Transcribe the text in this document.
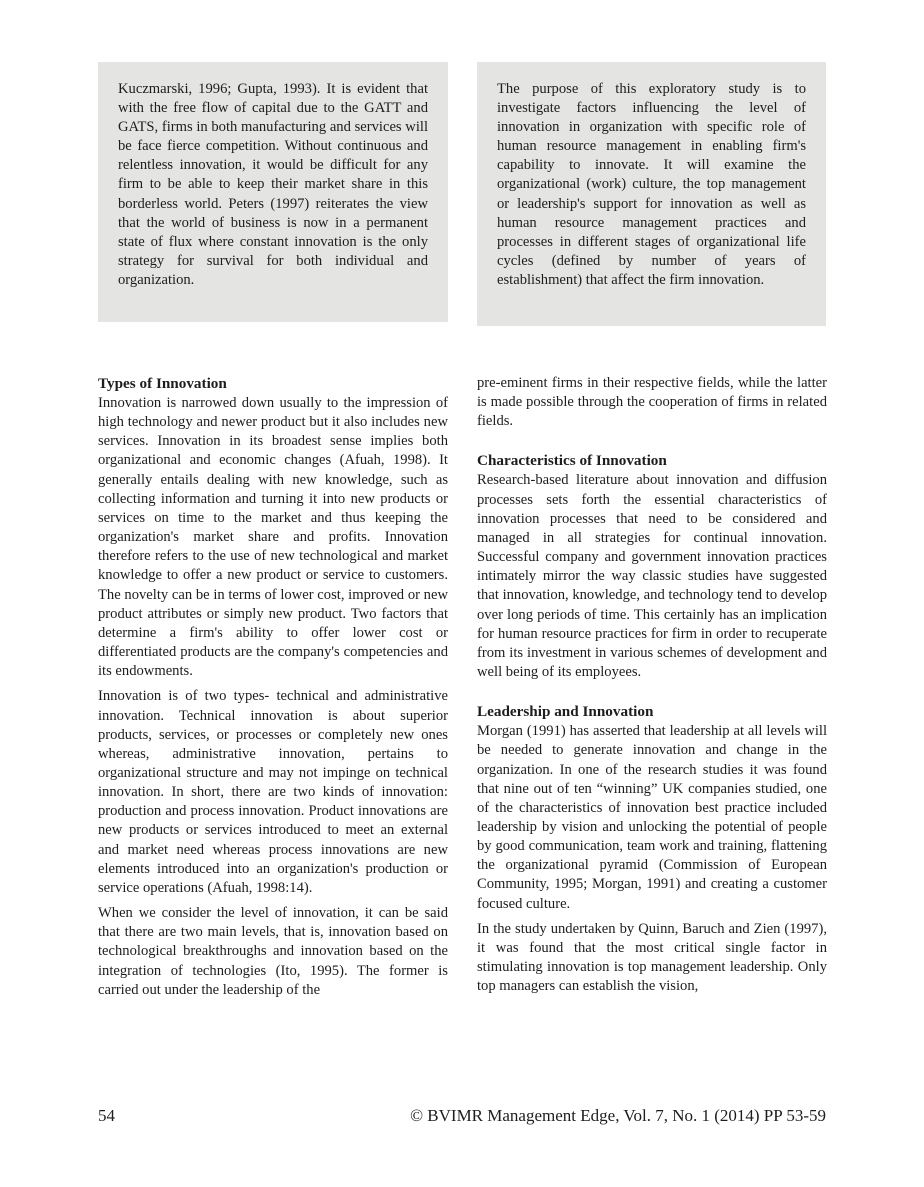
Kuczmarski, 1996; Gupta, 1993). It is evident that with the free flow of capital due to the GATT and GATS, firms in both manufacturing and services will be face fierce competition. Without continuous and relentless innovation, it would be difficult for any firm to be able to keep their market share in this borderless world. Peters (1997) reiterates the view that the world of business is now in a permanent state of flux where constant innovation is the only strategy for survival for both individual and organization.

The purpose of this exploratory study is to investigate factors influencing the level of innovation in organization with specific role of human resource management in enabling firm's capability to innovate. It will examine the organizational (work) culture, the top management or leadership's support for innovation as well as human resource management practices and processes in different stages of organizational life cycles (defined by number of years of establishment) that affect the firm innovation.

Types of Innovation

Innovation is narrowed down usually to the impression of high technology and newer product but it also includes new services. Innovation in its broadest sense implies both organizational and economic changes (Afuah, 1998). It generally entails dealing with new knowledge, such as collecting information and turning it into new products or services on time to the market and thus keeping the organization's market share and profits. Innovation therefore refers to the use of new technological and market knowledge to offer a new product or service to customers. The novelty can be in terms of lower cost, improved or new product attributes or simply new product. Two factors that determine a firm's ability to offer lower cost or differentiated products are the company's competencies and its endowments.

Innovation is of two types- technical and administrative innovation. Technical innovation is about superior products, services, or processes or completely new ones whereas, administrative innovation, pertains to organizational structure and may not impinge on technical innovation. In short, there are two kinds of innovation: production and process innovation. Product innovations are new products or services introduced to meet an external and market need whereas process innovations are new elements introduced into an organization's production or service operations (Afuah, 1998:14).

When we consider the level of innovation, it can be said that there are two main levels, that is, innovation based on technological breakthroughs and innovation based on the integration of technologies (Ito, 1995). The former is carried out under the leadership of the

pre-eminent firms in their respective fields, while the latter is made possible through the cooperation of firms in related fields.

Characteristics of Innovation

Research-based literature about innovation and diffusion processes sets forth the essential characteristics of innovation processes that need to be considered and managed in all strategies for continual innovation. Successful company and government innovation practices intimately mirror the way classic studies have suggested that innovation, knowledge, and technology tend to develop over long periods of time. This certainly has an implication for human resource practices for firm in order to recuperate from its investment in various schemes of development and well being of its employees.

Leadership and Innovation

Morgan (1991) has asserted that leadership at all levels will be needed to generate innovation and change in the organization. In one of the research studies it was found that nine out of ten “winning” UK companies studied, one of the characteristics of innovation best practice included leadership by vision and unlocking the potential of people by good communication, team work and training, flattening the organizational pyramid (Commission of European Community, 1995; Morgan, 1991) and creating a customer focused culture.

In the study undertaken by Quinn, Baruch and Zien (1997), it was found that the most critical single factor in stimulating innovation is top management leadership. Only top managers can establish the vision,

54	© BVIMR Management Edge, Vol. 7, No. 1 (2014) PP 53-59
